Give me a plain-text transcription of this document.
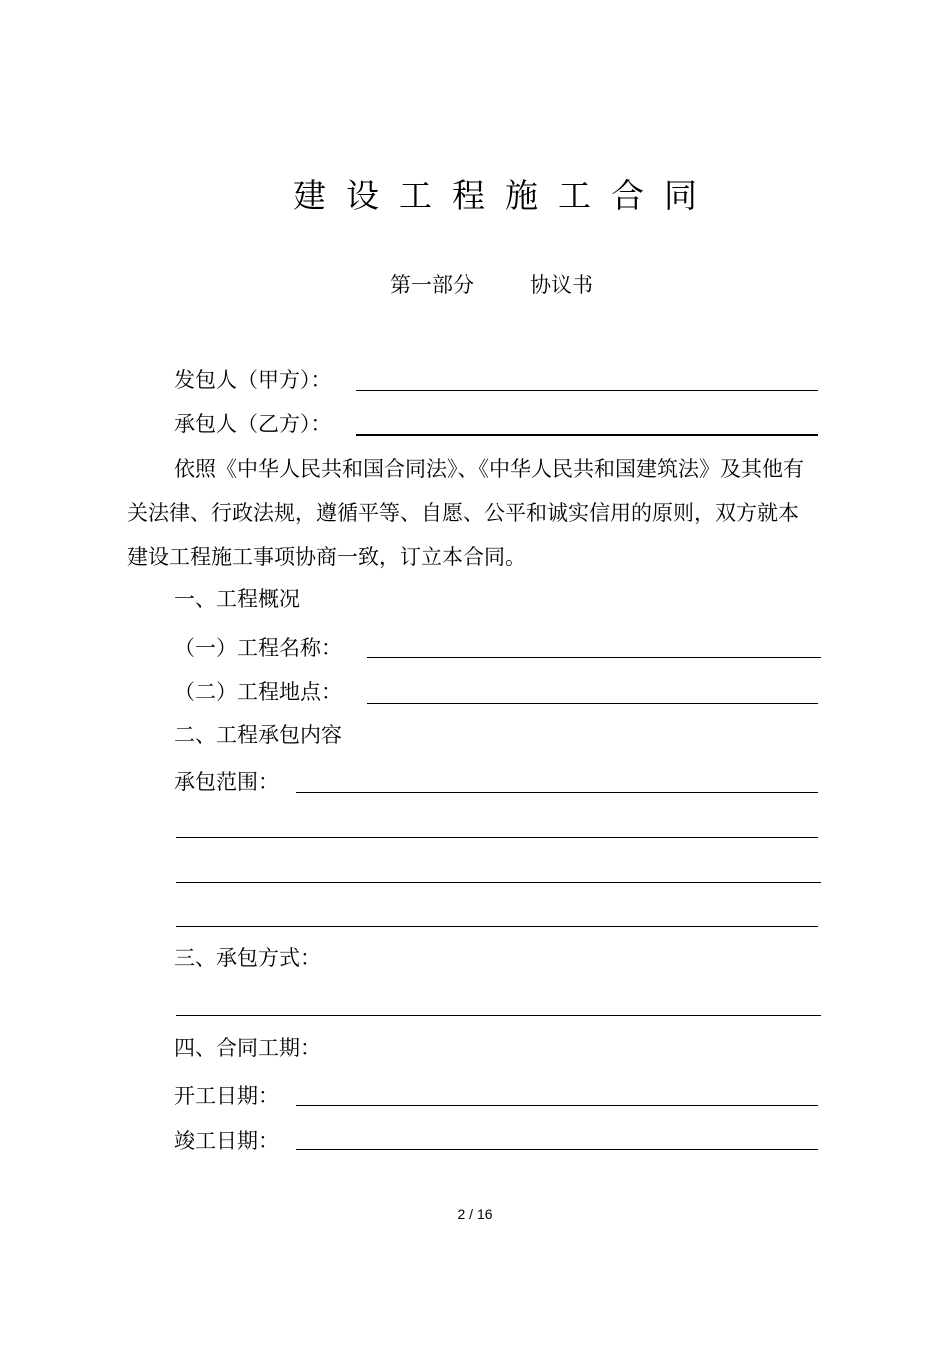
建设工程施工合同
第一部分	协议书
发包人（甲方）：
承包人（乙方）：
依照《中华人民共和国合同法》、《中华人民共和国建筑法》及其他有关法律、行政法规，遵循平等、自愿、公平和诚实信用的原则，双方就本建设工程施工事项协商一致，订立本合同。
一、工程概况
（一）工程名称：
（二）工程地点：
二、工程承包内容
承包范围：
三、承包方式：
四、合同工期：
开工日期：
竣工日期：
2 / 16
